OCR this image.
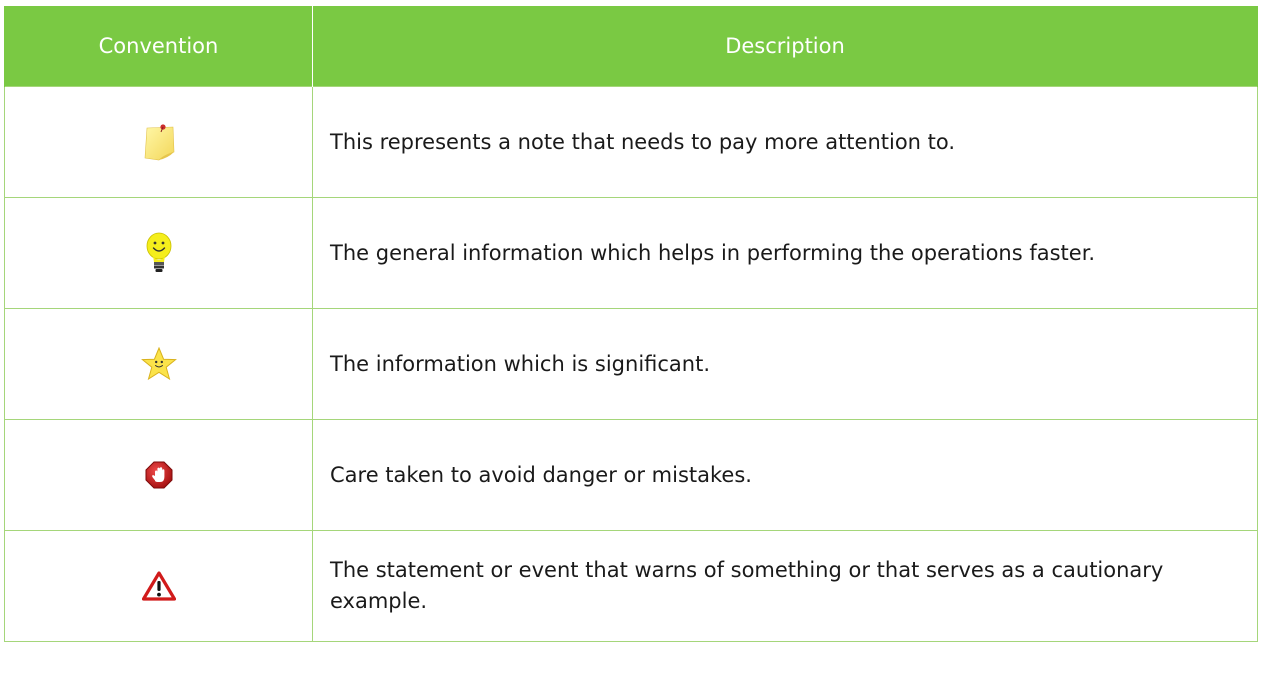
Convention	Description

	This represents a note that needs to pay more attention to.

	The general information which helps in performing the operations faster.

	The information which is significant.

	Care taken to avoid danger or mistakes.

	The statement or event that warns of something or that serves as a cautionary example.
